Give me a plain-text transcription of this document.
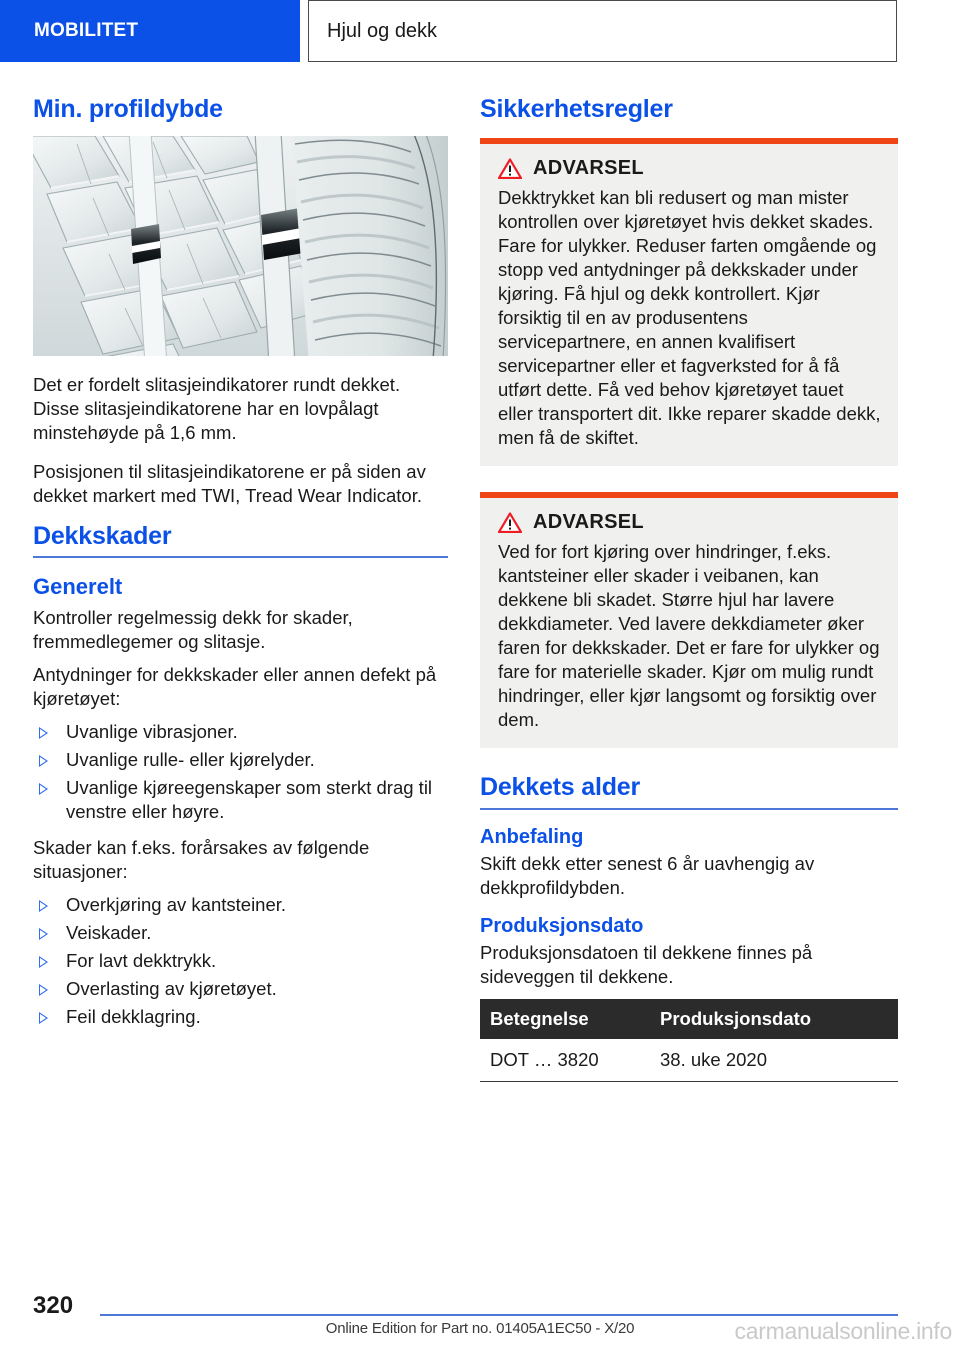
MOBILITET	Hjul og dekk
Min. profildybde

Det er fordelt slitasjeindikatorer rundt dekket. Disse slitasjeindikatorene har en lovpålagt minstehøyde på 1,6 mm.

Posisjonen til slitasjeindikatorene er på siden av dekket markert med TWI, Tread Wear Indicator.

Dekkskader
Generelt

Kontroller regelmessig dekk for skader, fremmedlegemer og slitasje.

Antydninger for dekkskader eller annen defekt på kjøretøyet:

Uvanlige vibrasjoner.
Uvanlige rulle- eller kjørelyder.
Uvanlige kjøreegenskaper som sterkt drag til venstre eller høyre.

Skader kan f.eks. forårsakes av følgende situasjoner:

Overkjøring av kantsteiner.
Veiskader.
For lavt dekktrykk.
Overlasting av kjøretøyet.
Feil dekklagring.
Sikkerhetsregler
ADVARSEL
Dekktrykket kan bli redusert og man mister kontrollen over kjøretøyet hvis dekket skades. Fare for ulykker. Reduser farten omgående og stopp ved antydninger på dekkskader under kjøring. Få hjul og dekk kontrollert. Kjør forsiktig til en av produsentens servicepartnere, en annen kvalifisert servicepartner eller et fagverksted for å få utført dette. Få ved behov kjøretøyet tauet eller transportert dit. Ikke reparer skadde dekk, men få de skiftet.
ADVARSEL
Ved for fort kjøring over hindringer, f.eks. kantsteiner eller skader i veibanen, kan dekkene bli skadet. Større hjul har lavere dekkdiameter. Ved lavere dekkdiameter øker faren for dekkskader. Det er fare for ulykker og fare for materielle skader. Kjør om mulig rundt hindringer, eller kjør langsomt og forsiktig over dem.
Dekkets alder
Anbefaling

Skift dekk etter senest 6 år uavhengig av dekkprofildybden.

Produksjonsdato

Produksjonsdatoen til dekkene finnes på sideveggen til dekkene.

Betegnelse	Produksjonsdato
DOT … 3820	38. uke 2020
320
Online Edition for Part no. 01405A1EC50 - X/20	carmanualsonline.info
